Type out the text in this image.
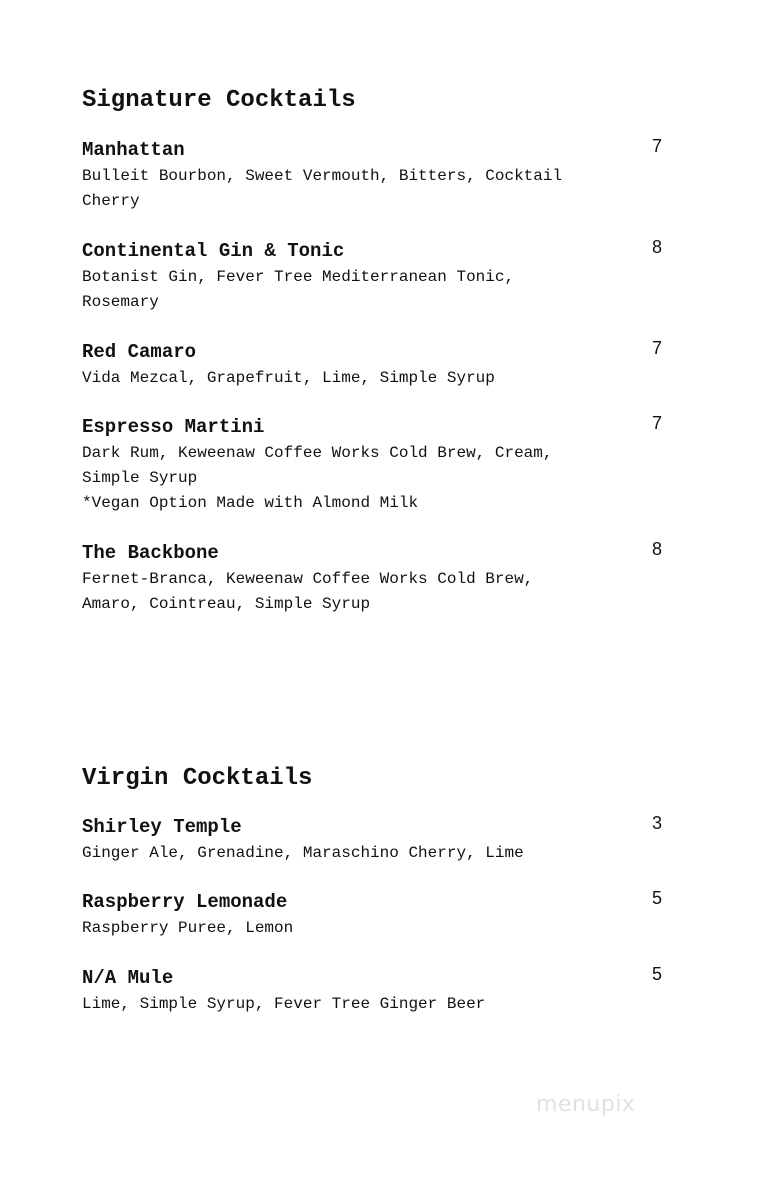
Signature Cocktails
Manhattan	7
Bulleit Bourbon, Sweet Vermouth, Bitters, Cocktail
Cherry
Continental Gin & Tonic	8
Botanist Gin, Fever Tree Mediterranean Tonic,
Rosemary
Red Camaro	7
Vida Mezcal, Grapefruit, Lime, Simple Syrup
Espresso Martini	7
Dark Rum, Keweenaw Coffee Works Cold Brew, Cream,
Simple Syrup
*Vegan Option Made with Almond Milk
The Backbone	8
Fernet-Branca, Keweenaw Coffee Works Cold Brew,
Amaro, Cointreau, Simple Syrup
Virgin Cocktails
Shirley Temple	3
Ginger Ale, Grenadine, Maraschino Cherry, Lime
Raspberry Lemonade	5
Raspberry Puree, Lemon
N/A Mule	5
Lime, Simple Syrup, Fever Tree Ginger Beer
menupix
